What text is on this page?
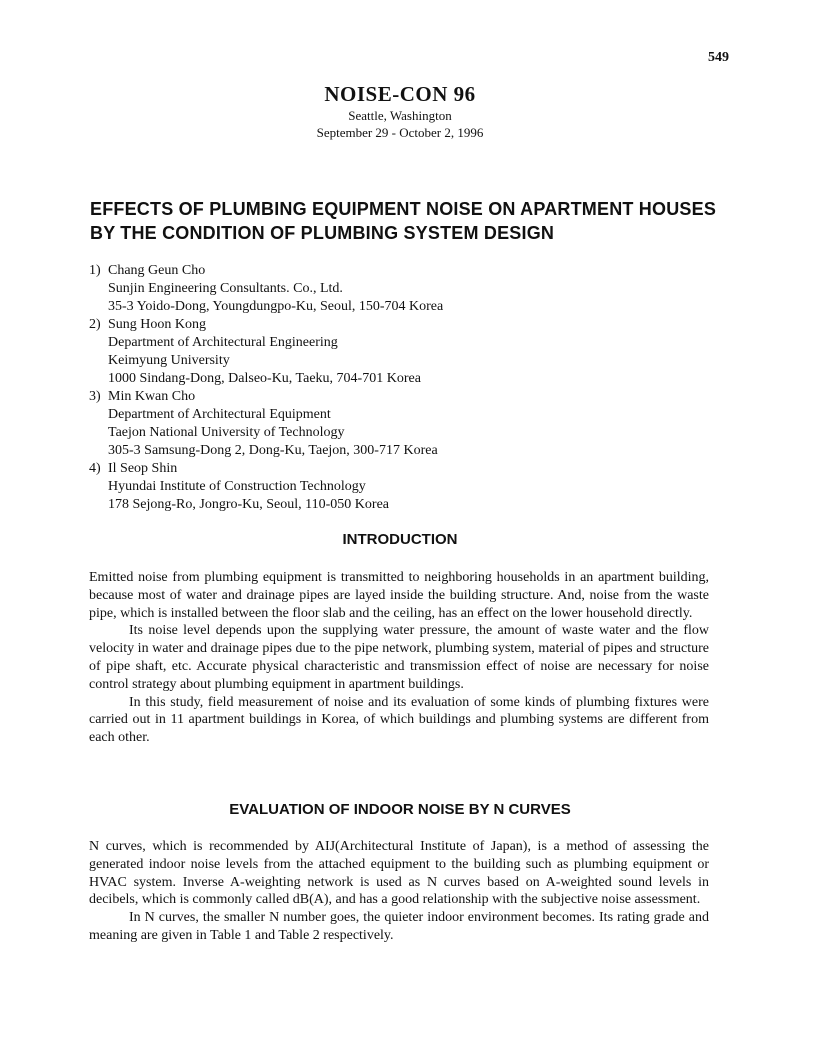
549
NOISE-CON 96
Seattle, Washington
September 29 - October 2, 1996
EFFECTS OF PLUMBING EQUIPMENT NOISE ON APARTMENT HOUSES BY THE CONDITION OF PLUMBING SYSTEM DESIGN
1) Chang Geun Cho
Sunjin Engineering Consultants. Co., Ltd.
35-3 Yoido-Dong, Youngdungpo-Ku, Seoul, 150-704 Korea
2) Sung Hoon Kong
Department of Architectural Engineering
Keimyung University
1000 Sindang-Dong, Dalseo-Ku, Taeku, 704-701 Korea
3) Min Kwan Cho
Department of Architectural Equipment
Taejon National University of Technology
305-3 Samsung-Dong 2, Dong-Ku, Taejon, 300-717 Korea
4) Il Seop Shin
Hyundai Institute of Construction Technology
178 Sejong-Ro, Jongro-Ku, Seoul, 110-050 Korea
INTRODUCTION

Emitted noise from plumbing equipment is transmitted to neighboring households in an apartment building, because most of water and drainage pipes are layed inside the building structure. And, noise from the waste pipe, which is installed between the floor slab and the ceiling, has an effect on the lower household directly.

Its noise level depends upon the supplying water pressure, the amount of waste water and the flow velocity in water and drainage pipes due to the pipe network, plumbing system, material of pipes and structure of pipe shaft, etc. Accurate physical characteristic and transmission effect of noise are necessary for noise control strategy about plumbing equipment in apartment buildings.

In this study, field measurement of noise and its evaluation of some kinds of plumbing fixtures were carried out in 11 apartment buildings in Korea, of which buildings and plumbing systems are different from each other.

EVALUATION OF INDOOR NOISE BY N CURVES

N curves, which is recommended by AIJ(Architectural Institute of Japan), is a method of assessing the generated indoor noise levels from the attached equipment to the building such as plumbing equipment or HVAC system. Inverse A-weighting network is used as N curves based on A-weighted sound levels in decibels, which is commonly called dB(A), and has a good relationship with the subjective noise assessment.

In N curves, the smaller N number goes, the quieter indoor environment becomes. Its rating grade and meaning are given in Table 1 and Table 2 respectively.
